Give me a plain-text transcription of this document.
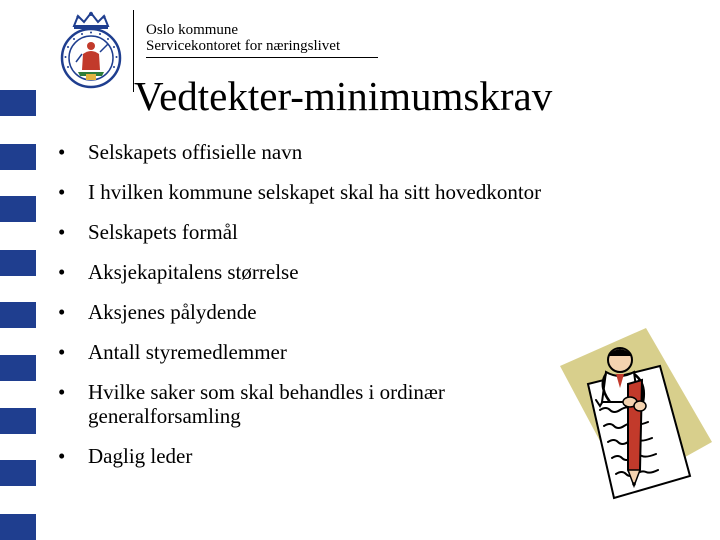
Oslo kommune
Servicekontoret for næringslivet
Vedtekter-minimumskrav
• Selskapets offisielle navn
• I hvilken kommune selskapet skal ha sitt hovedkontor
• Selskapets formål
• Aksjekapitalens størrelse
• Aksjenes pålydende
• Antall styremedlemmer
• Hvilke saker som skal behandles i ordinær generalforsamling
• Daglig leder
